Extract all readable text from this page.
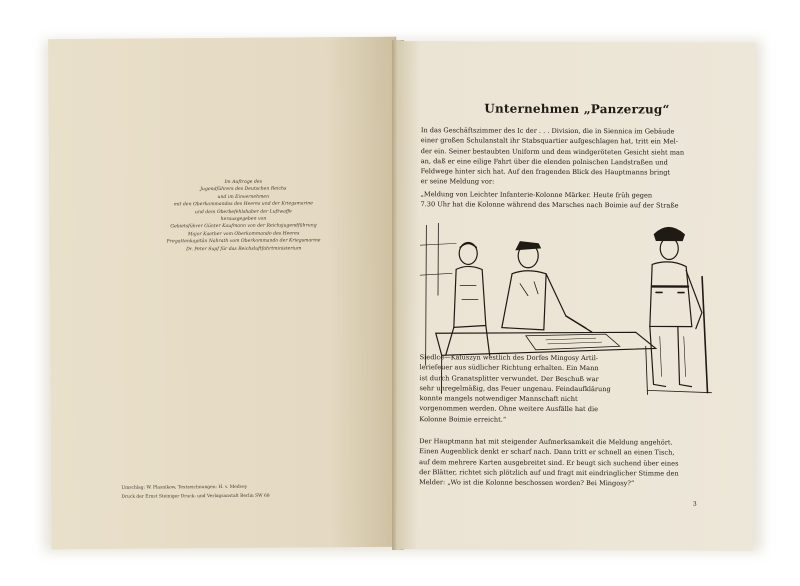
Im Auftrage des
Jugendführers des Deutschen Reichs
und im Einvernehmen
mit den Oberkommandos des Heeres und der Kriegsmarine
und dem Oberbefehlshaber der Luftwaffe
herausgegeben von
Gebietsführer Günter Kaufmann von der Reichsjugendführung
Major Kaether vom Oberkommando des Heeres
Fregattenkapitän Nahrath vom Oberkommando der Kriegsmarine
Dr. Peter Supf für das Reichsluftfahrtministerium
Umschlag: W. Plasnikow, Textzeichnungen: H. v. Medvey
Druck der Ernst Steiniger Druck- und Verlagsanstalt Berlin SW 68
Unternehmen „Panzerzug“
In das Geschäftszimmer des Ic der . . . Division, die in Siennica im Gebäude
einer großen Schulanstalt ihr Stabsquartier aufgeschlagen hat, tritt ein Mel-
der ein. Seiner bestaubten Uniform und dem windgeröteten Gesicht sieht man
an, daß er eine eilige Fahrt über die elenden polnischen Landstraßen und
Feldwege hinter sich hat. Auf den fragenden Blick des Hauptmanns bringt
er seine Meldung vor:
„Meldung von Leichter Infanterie-Kolonne Märker. Heute früh gegen
7.30 Uhr hat die Kolonne während des Marsches nach Boimie auf der Straße
Siedlce—Kaluszyn westlich des Dorfes Mingosy Artil-
leriefeuer aus südlicher Richtung erhalten. Ein Mann
ist durch Granatsplitter verwundet. Der Beschuß war
sehr unregelmäßig, das Feuer ungenau. Feindaufklärung
konnte mangels notwendiger Mannschaft nicht
vorgenommen werden. Ohne weitere Ausfälle hat die
Kolonne Boimie erreicht.“
Der Hauptmann hat mit steigender Aufmerksamkeit die Meldung angehört.
Einen Augenblick denkt er scharf nach. Dann tritt er schnell an einen Tisch,
auf dem mehrere Karten ausgebreitet sind. Er beugt sich suchend über eines
der Blätter, richtet sich plötzlich auf und fragt mit eindringlicher Stimme den
Melder: „Wo ist die Kolonne beschossen worden? Bei Mingosy?“
3
